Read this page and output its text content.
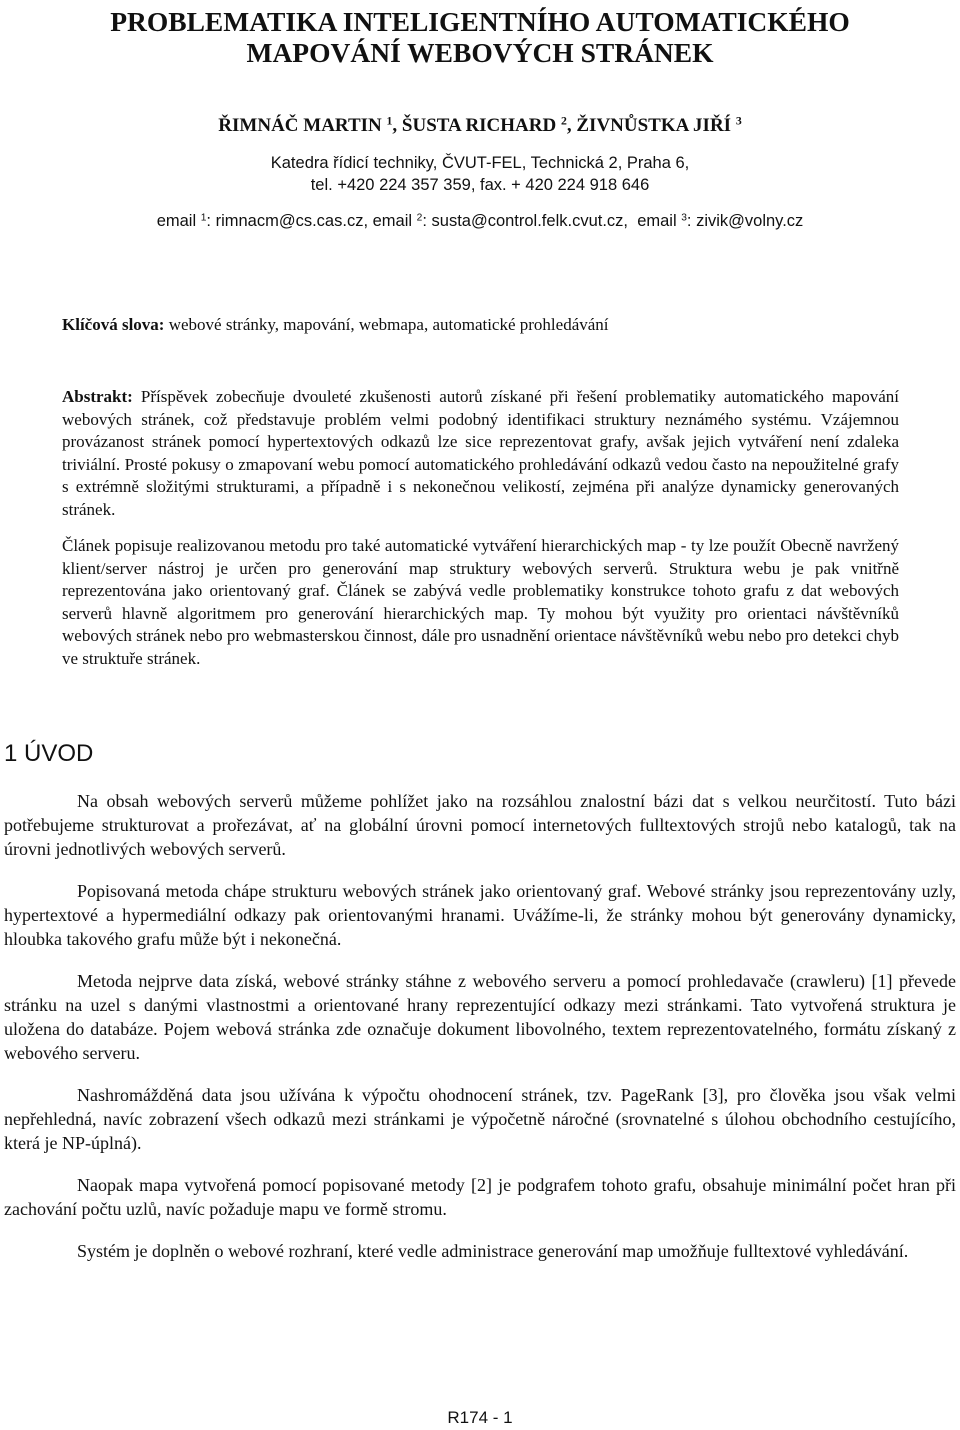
PROBLEMATIKA INTELIGENTNÍHO AUTOMATICKÉHO
MAPOVÁNÍ WEBOVÝCH STRÁNEK
ŘIMNÁČ MARTIN $^1$, ŠUSTA RICHARD $^2$, ŽIVNŮSTKA JIŘÍ $^3$
Katedra řídicí techniky, ČVUT-FEL, Technická 2, Praha 6,
tel. +420 224 357 359, fax. + 420 224 918 646
email $^1$: rimnacm@cs.cas.cz, email $^2$: susta@control.felk.cvut.cz,  email $^3$: zivik@volny.cz
Klíčová slova: webové stránky, mapování, webmapa, automatické prohledávání

Abstrakt: Příspěvek zobecňuje dvouleté zkušenosti autorů získané při řešení problematiky automatického mapování webových stránek, což představuje problém velmi podobný identifikaci struktury neznámého systému. Vzájemnou provázanost stránek pomocí hypertextových odkazů lze sice reprezentovat grafy, avšak jejich vytváření není zdaleka triviální. Prosté pokusy o zmapovaní webu pomocí automatického prohledávání odkazů vedou často na nepoužitelné grafy s extrémně složitými strukturami, a případně i s nekonečnou velikostí, zejména při analýze dynamicky generovaných stránek.

Článek popisuje realizovanou metodu pro také automatické vytváření hierarchických map - ty lze použít Obecně navržený klient/server nástroj je určen pro generování map struktury webových serverů. Struktura webu je pak vnitřně reprezentována jako orientovaný graf. Článek se zabývá vedle problematiky konstrukce tohoto grafu z dat webových serverů hlavně algoritmem pro generování hierarchických map. Ty mohou být využity pro orientaci návštěvníků webových stránek nebo pro webmasterskou činnost, dále pro usnadnění orientace návštěvníků webu nebo pro detekci chyb ve struktuře stránek.

1 ÚVOD

Na obsah webových serverů můžeme pohlížet jako na rozsáhlou znalostní bázi dat s velkou neurčitostí. Tuto bázi potřebujeme strukturovat a prořezávat, ať na globální úrovni pomocí internetových fulltextových strojů nebo katalogů, tak na úrovni jednotlivých webových serverů.

Popisovaná metoda chápe strukturu webových stránek jako orientovaný graf. Webové stránky jsou reprezentovány uzly, hypertextové a hypermediální odkazy pak orientovanými hranami. Uvážíme-li, že stránky mohou být generovány dynamicky, hloubka takového grafu může být i nekonečná.

Metoda nejprve data získá, webové stránky stáhne z webového serveru a pomocí prohledavače (crawleru) [1] převede stránku na uzel s danými vlastnostmi a orientované hrany reprezentující odkazy mezi stránkami. Tato vytvořená struktura je uložena do databáze. Pojem webová stránka zde označuje dokument libovolného, textem reprezentovatelného, formátu získaný z webového serveru.

Nashromážděná data jsou užívána k výpočtu ohodnocení stránek, tzv. PageRank [3], pro člověka jsou však velmi nepřehledná, navíc zobrazení všech odkazů mezi stránkami je výpočetně náročné (srovnatelné s úlohou obchodního cestujícího, která je NP-úplná).

Naopak mapa vytvořená pomocí popisované metody [2] je podgrafem tohoto grafu, obsahuje minimální počet hran při zachování počtu uzlů, navíc požaduje mapu ve formě stromu.

Systém je doplněn o webové rozhraní, které vedle administrace generování map umožňuje fulltextové vyhledávání.

R174 - 1
